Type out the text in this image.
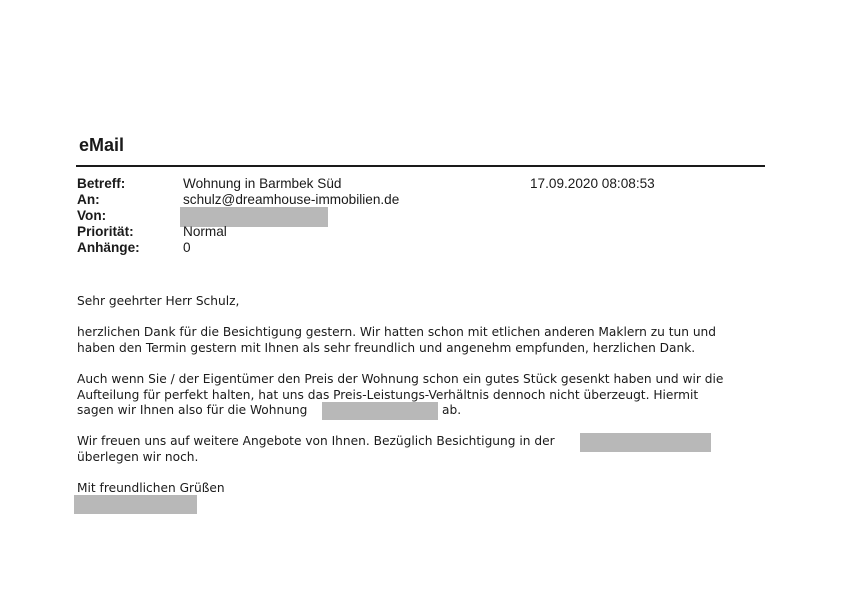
eMail
Betreff:	Wohnung in Barmbek Süd	17.09.2020 08:08:53
An:	schulz@dreamhouse-immobilien.de
Von:
Priorität:	Normal
Anhänge:	0
Sehr geehrter Herr Schulz,
herzlichen Dank für die Besichtigung gestern. Wir hatten schon mit etlichen anderen Maklern zu tun und
haben den Termin gestern mit Ihnen als sehr freundlich und angenehm empfunden, herzlichen Dank.
Auch wenn Sie / der Eigentümer den Preis der Wohnung schon ein gutes Stück gesenkt haben und wir die
Aufteilung für perfekt halten, hat uns das Preis-Leistungs-Verhältnis dennoch nicht überzeugt. Hiermit
sagen wir Ihnen also für die Wohnung	ab.
Wir freuen uns auf weitere Angebote von Ihnen. Bezüglich Besichtigung in der
überlegen wir noch.
Mit freundlichen Grüßen
